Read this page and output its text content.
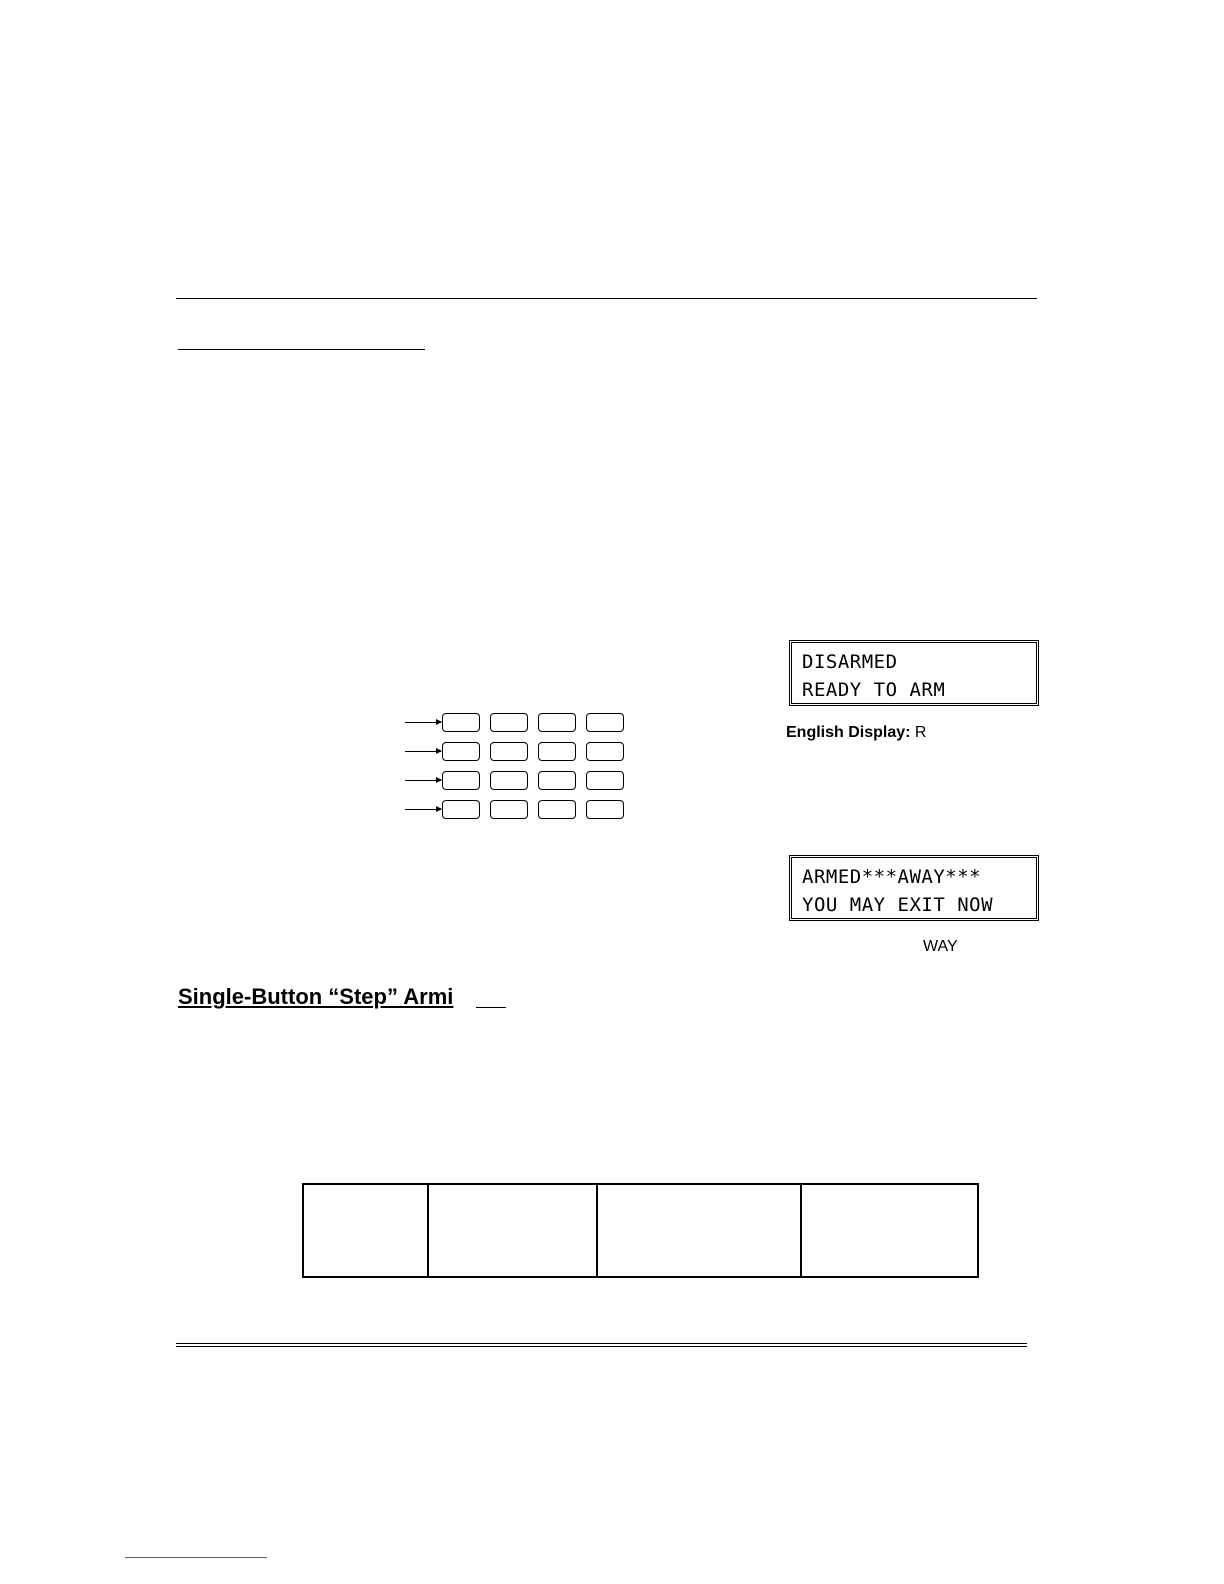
DISARMED
READY TO ARM
English Display: R
ARMED***AWAY***
YOU MAY EXIT NOW
WAY
Single-Button “Step” Armi
